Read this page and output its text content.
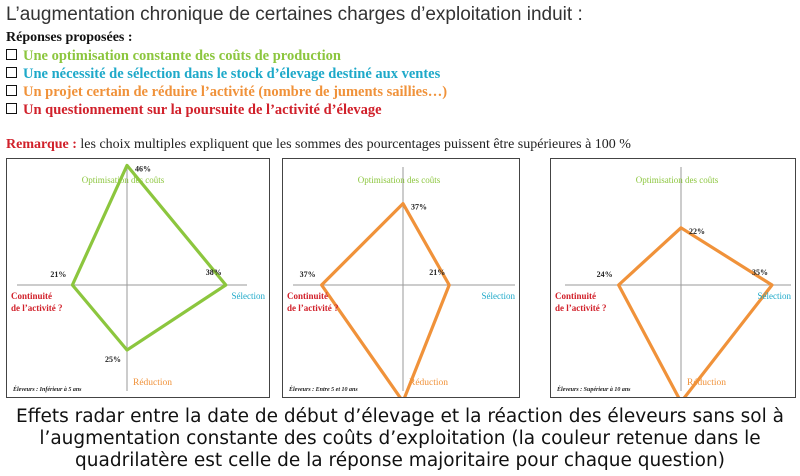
L’augmentation chronique de certaines charges d’exploitation induit :
Réponses proposées :
Une optimisation constante des coûts de production
Une nécessité de sélection dans le stock d’élevage destiné aux ventes
Un projet certain de réduire l’activité (nombre de juments saillies…)
Un questionnement sur la poursuite de l’activité d’élevage
Remarque : les choix multiples expliquent que les sommes des pourcentages puissent être supérieures à 100 %
46%
38%
25%
21%
Optimisation des coûts
Sélection
Réduction
Continuité
de l’activité ?
Éleveurs : Inférieur à 5 ans
37%
21%
37%
Optimisation des coûts
Sélection
Réduction
Continuité
de l’activité ?
Éleveurs : Entre 5 et 10 ans
22%
35%
24%
Optimisation des coûts
Sélection
Réduction
Continuité
de l’activité ?
Éleveurs : Supérieur à 10 ans
Effets radar entre la date de début d’élevage et la réaction des éleveurs sans sol à
l’augmentation constante des coûts d’exploitation (la couleur retenue dans le
quadrilatère est celle de la réponse majoritaire pour chaque question)
